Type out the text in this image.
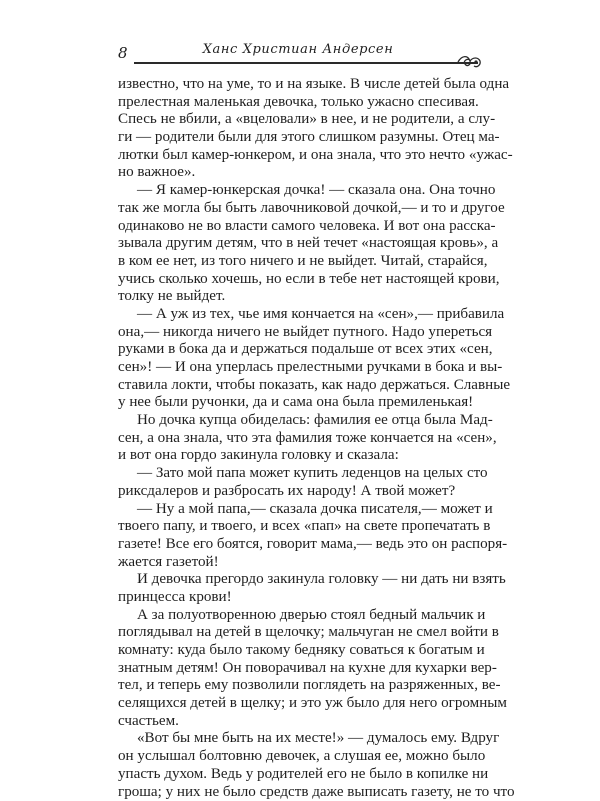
8	Ханс Христиан Андерсен
известно, что на уме, то и на языке. В числе детей была одна
прелестная маленькая девочка, только ужасно спесивая.
Спесь не вбили, а «вцеловали» в нее, и не родители, а слу-
ги — родители были для этого слишком разумны. Отец ма-
лютки был камер-юнкером, и она знала, что это нечто «ужас-
но важное».
— Я камер-юнкерская дочка! — сказала она. Она точно
так же могла бы быть лавочниковой дочкой,— и то и другое
одинаково не во власти самого человека. И вот она расска-
зывала другим детям, что в ней течет «настоящая кровь», а
в ком ее нет, из того ничего и не выйдет. Читай, старайся,
учись сколько хочешь, но если в тебе нет настоящей крови,
толку не выйдет.
— А уж из тех, чье имя кончается на «сен»,— прибавила
она,— никогда ничего не выйдет путного. Надо упереться
руками в бока да и держаться подальше от всех этих «сен,
сен»! — И она уперлась прелестными ручками в бока и вы-
ставила локти, чтобы показать, как надо держаться. Славные
у нее были ручонки, да и сама она была премиленькая!
Но дочка купца обиделась: фамилия ее отца была Мад-
сен, а она знала, что эта фамилия тоже кончается на «сен»,
и вот она гордо закинула головку и сказала:
— Зато мой папа может купить леденцов на целых сто
риксдалеров и разбросать их народу! А твой может?
— Ну а мой папа,— сказала дочка писателя,— может и
твоего папу, и твоего, и всех «пап» на свете пропечатать в
газете! Все его боятся, говорит мама,— ведь это он распоря-
жается газетой!
И девочка прегордо закинула головку — ни дать ни взять
принцесса крови!
А за полуотворенною дверью стоял бедный мальчик и
поглядывал на детей в щелочку; мальчуган не смел войти в
комнату: куда было такому бедняку соваться к богатым и
знатным детям! Он поворачивал на кухне для кухарки вер-
тел, и теперь ему позволили поглядеть на разряженных, ве-
селящихся детей в щелку; и это уж было для него огромным
счастьем.
«Вот бы мне быть на их месте!» — думалось ему. Вдруг
он услышал болтовню девочек, а слушая ее, можно было
упасть духом. Ведь у родителей его не было в копилке ни
гроша; у них не было средств даже выписать газету, не то что
